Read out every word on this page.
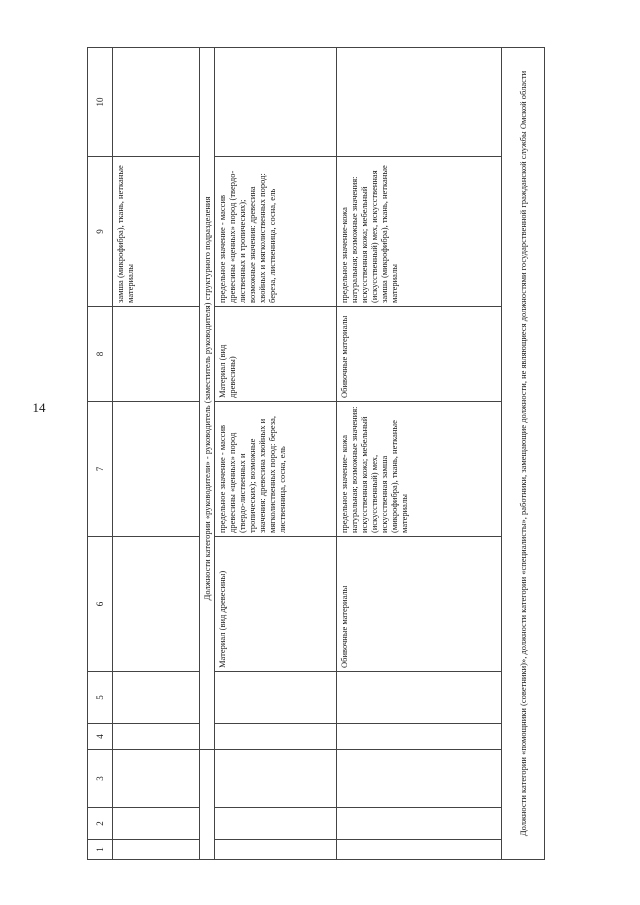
14
1	2	3	4	5	6	7	8	9	10
								замша (микрофибра), ткань, нетканые материалы	
			Должности категории «руководители» - руководитель (заместитель руководителя) структурного подразделения						
					Материал (вид древесины)	предельное значение - массив древесины «ценных» пород (твердо-лиственных и тропических); возможные значения: древесина хвойных и мягколиственных пород: береза, лиственница, сосна, ель	Материал (вид древесины)	предельное значение - массив древесины «ценных» пород (твердо-лиственных и тропических); возможные значения: древесина хвойных и мягколиственных пород: береза, лиственница, сосна, ель	
					Обивочные материалы	предельное значение- кожа натуральная; возможные значения: искусственная кожа; мебельный (искусственный) мех, искусственная замша (микрофибра), ткань, нетканые материалы	Обивочные материалы	предельное значение-кожа натуральная; возможные значения: искусственная кожа; мебельный (искусственный) мех, искусственная замша (микрофибра), ткань, нетканые материалы	
Должности категории «помощники (советники)», должности категории «специалисты», работники, замещающие должности, не являющиеся должностями государственной гражданской службы Омской области									
